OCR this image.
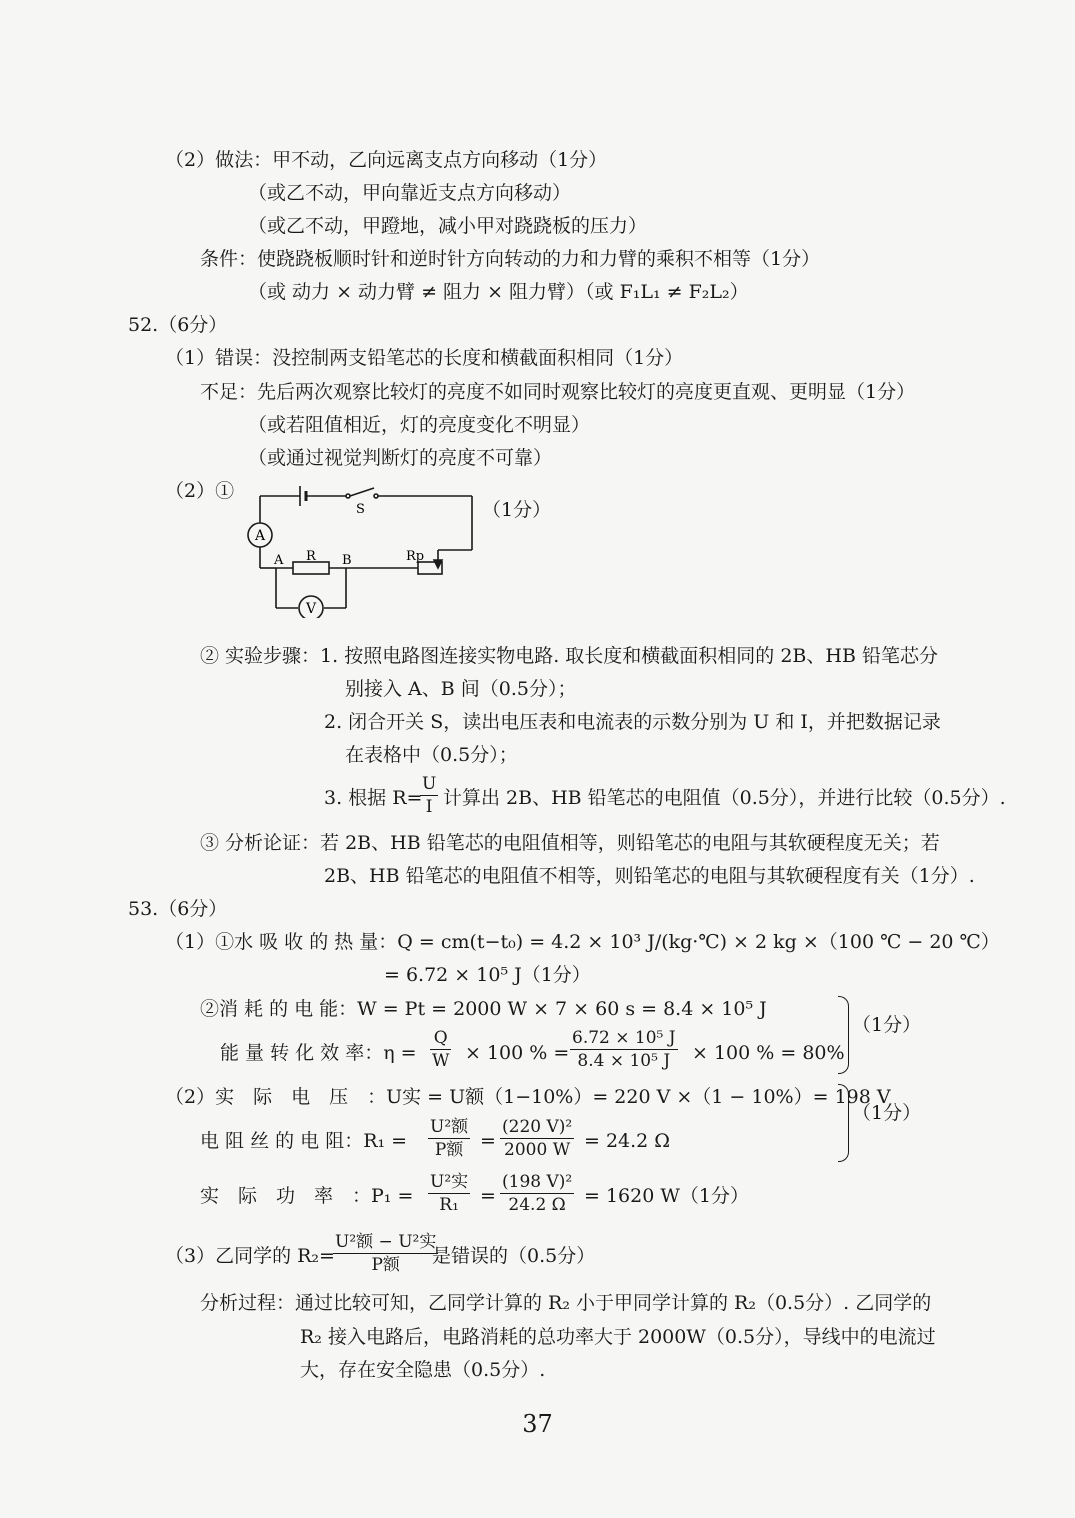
（2）做法：甲不动，乙向远离支点方向移动（1分）
（或乙不动，甲向靠近支点方向移动）
（或乙不动，甲蹬地，减小甲对跷跷板的压力）
条件：使跷跷板顺时针和逆时针方向转动的力和力臂的乘积不相等（1分）
（或 动力 × 动力臂 ≠ 阻力 × 阻力臂）（或 F₁L₁ ≠ F₂L₂）
52.（6分）
（1）错误：没控制两支铅笔芯的长度和横截面积相同（1分）
不足：先后两次观察比较灯的亮度不如同时观察比较灯的亮度更直观、更明显（1分）
（或若阻值相近，灯的亮度变化不明显）
（或通过视觉判断灯的亮度不可靠）
（2）①
（1分）
A
V
S
A R B	Rp
② 实验步骤：1. 按照电路图连接实物电路. 取长度和横截面积相同的 2B、HB 铅笔芯分
别接入 A、B 间（0.5分）；
2. 闭合开关 S，读出电压表和电流表的示数分别为 U 和 I，并把数据记录
在表格中（0.5分）；
3. 根据 R=
U
I 计算出 2B、HB 铅笔芯的电阻值（0.5分），并进行比较（0.5分）.
③ 分析论证：若 2B、HB 铅笔芯的电阻值相等，则铅笔芯的电阻与其软硬程度无关；若
2B、HB 铅笔芯的电阻值不相等，则铅笔芯的电阻与其软硬程度有关（1分）.
53.（6分）
（1）①水 吸 收 的 热 量：Q = cm(t−t₀) = 4.2 × 10³ J/(kg·℃) × 2 kg ×（100 ℃ − 20 ℃）
= 6.72 × 10⁵ J（1分）
②消 耗 的 电 能：W = Pt = 2000 W × 7 × 60 s = 8.4 × 10⁵ J
能 量 转 化 效 率：η =
Q
W × 100 % =
6.72 × 10⁵ J
8.4 × 10⁵ J	× 100 % = 80%
（1分）
（2）实　际　电　压　：U实 = U额（1−10%）= 220 V ×（1 − 10%）= 198 V
（1分）
电 阻 丝 的 电 阻：R₁ =
U²额
P额 =
(220 V)²
2000 W = 24.2 Ω
实　际　功　率　：P₁ =
U²实
R₁	=
(198 V)²
24.2 Ω = 1620 W（1分）
（3）乙同学的 R₂=
U²额 − U²实
P额	是错误的（0.5分）
分析过程：通过比较可知，乙同学计算的 R₂ 小于甲同学计算的 R₂（0.5分）. 乙同学的
R₂ 接入电路后，电路消耗的总功率大于 2000W（0.5分），导线中的电流过
大，存在安全隐患（0.5分）.
37
